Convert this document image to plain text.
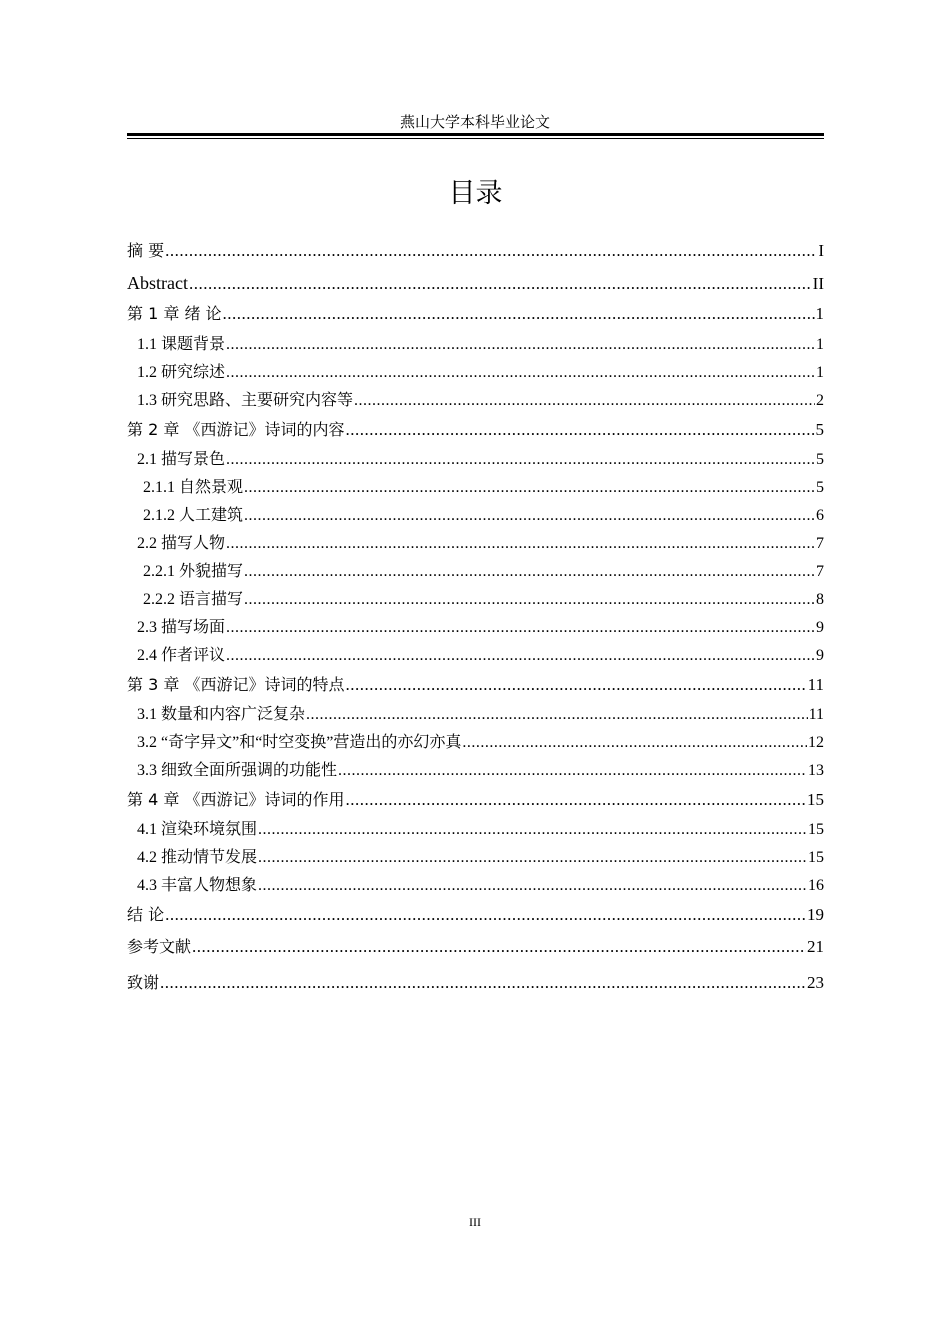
燕山大学本科毕业论文
目录
摘 要 .....	I
Abstract .....	II
第 1 章 绪 论 .....	1
1.1 课题背景 .....	1
1.2 研究综述 .....	1
1.3 研究思路、主要研究内容等 .....	2
第 2 章 《西游记》诗词的内容 .....	5
2.1 描写景色 .....	5
2.1.1 自然景观 .....	5
2.1.2 人工建筑 .....	6
2.2 描写人物 .....	7
2.2.1 外貌描写 .....	7
2.2.2 语言描写 .....	8
2.3 描写场面 .....	9
2.4 作者评议 .....	9
第 3 章 《西游记》诗词的特点 .....	11
3.1 数量和内容广泛复杂 .....	11
3.2 “奇字异文”和“时空变换”营造出的亦幻亦真 .....	12
3.3 细致全面所强调的功能性 .....	13
第 4 章 《西游记》诗词的作用 .....	15
4.1 渲染环境氛围 .....	15
4.2 推动情节发展 .....	15
4.3 丰富人物想象 .....	16
结 论 .....	19
参考文献 .....	21
致谢 .....	23
III
